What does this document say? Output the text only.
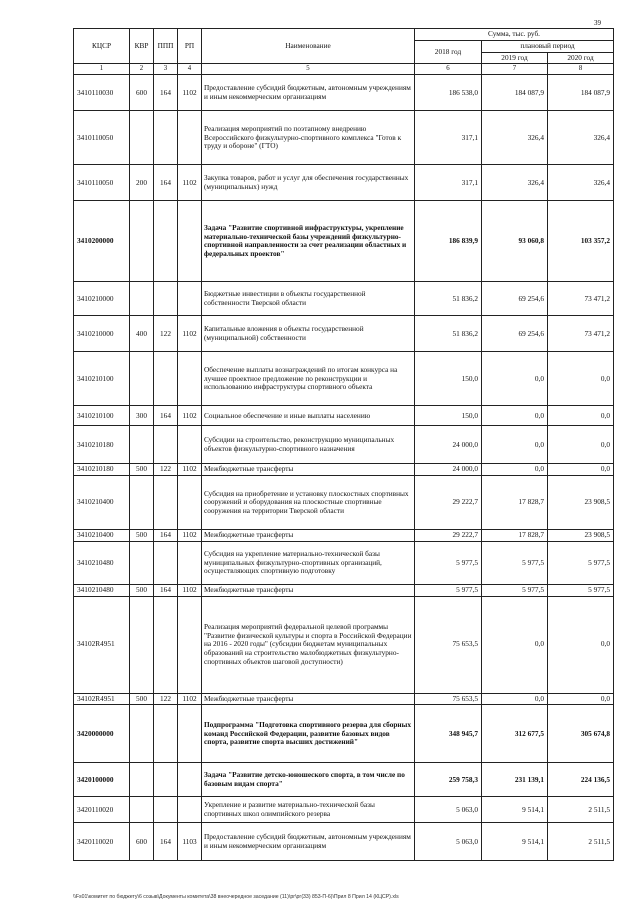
39
КЦСР	КВР	ППП	РП	Наименование	Сумма, тыс. руб.		
					2018 год	плановый период	
						2019 год	2020 год
1	2	3	4	5	6	7	8
3410110030	600	164	1102	Предоставление субсидий бюджетным, автономным учреждениям и иным некоммерческим организациям	186 538,0	184 087,9	184 087,9
3410110050				Реализация мероприятий по поэтапному внедрению Всероссийского физкультурно-спортивного комплекса "Готов к труду и обороне" (ГТО)	317,1	326,4	326,4
3410110050	200	164	1102	Закупка товаров, работ и услуг для обеспечения государственных (муниципальных) нужд	317,1	326,4	326,4
3410200000				Задача "Развитие спортивной инфраструктуры, укрепление материально-технической базы учреждений физкультурно-спортивной направленности за счет реализации областных и федеральных проектов"	186 839,9	93 060,8	103 357,2
3410210000				Бюджетные инвестиции в объекты государственной собственности Тверской области	51 836,2	69 254,6	73 471,2
3410210000	400	122	1102	Капитальные вложения в объекты государственной (муниципальной) собственности	51 836,2	69 254,6	73 471,2
3410210100				Обеспечение выплаты вознаграждений по итогам конкурса на лучшее проектное предложение по реконструкции и использованию инфраструктуры спортивного объекта	150,0	0,0	0,0
3410210100	300	164	1102	Социальное обеспечение и иные выплаты населению	150,0	0,0	0,0
3410210180				Субсидии на строительство, реконструкцию муниципальных объектов физкультурно-спортивного назначения	24 000,0	0,0	0,0
3410210180	500	122	1102	Межбюджетные трансферты	24 000,0	0,0	0,0
3410210400				Субсидия на приобретение и установку плоскостных спортивных сооружений и оборудования на плоскостные спортивные сооружения на территории Тверской области	29 222,7	17 828,7	23 908,5
3410210400	500	164	1102	Межбюджетные трансферты	29 222,7	17 828,7	23 908,5
3410210480				Субсидия на укрепление материально-технической базы муниципальных физкультурно-спортивных организаций, осуществляющих спортивную подготовку	5 977,5	5 977,5	5 977,5
3410210480	500	164	1102	Межбюджетные трансферты	5 977,5	5 977,5	5 977,5
34102R4951				Реализация мероприятий федеральной целевой программы "Развитие физической культуры и спорта в Российской Федерации на 2016 - 2020 годы" (субсидии бюджетам муниципальных образований на строительство малобюджетных физкультурно-спортивных объектов шаговой доступности)	75 653,5	0,0	0,0
34102R4951	500	122	1102	Межбюджетные трансферты	75 653,5	0,0	0,0
3420000000				Подпрограмма "Подготовка спортивного резерва для сборных команд Российской Федерации, развитие базовых видов спорта, развитие спорта высших достижений"	348 945,7	312 677,5	305 674,8
3420100000				Задача "Развитие детско-юношеского спорта, в том числе по базовым видам спорта"	259 758,3	231 139,1	224 136,5
3420110020				Укрепление и развитие материально-технической базы спортивных школ олимпийского резерва	5 063,0	9 514,1	2 511,5
3420110020	600	164	1103	Предоставление субсидий бюджетным, автономным учреждениям и иным некоммерческим организациям	5 063,0	9 514,1	2 511,5
\\Fs01\комитет по бюджету\6 созыв\Документы комитета\38 внеочередное заседание (11)\рг\рг(33) 853-П-6)\Прил 8 Прил 14 (КЦСР).xls
